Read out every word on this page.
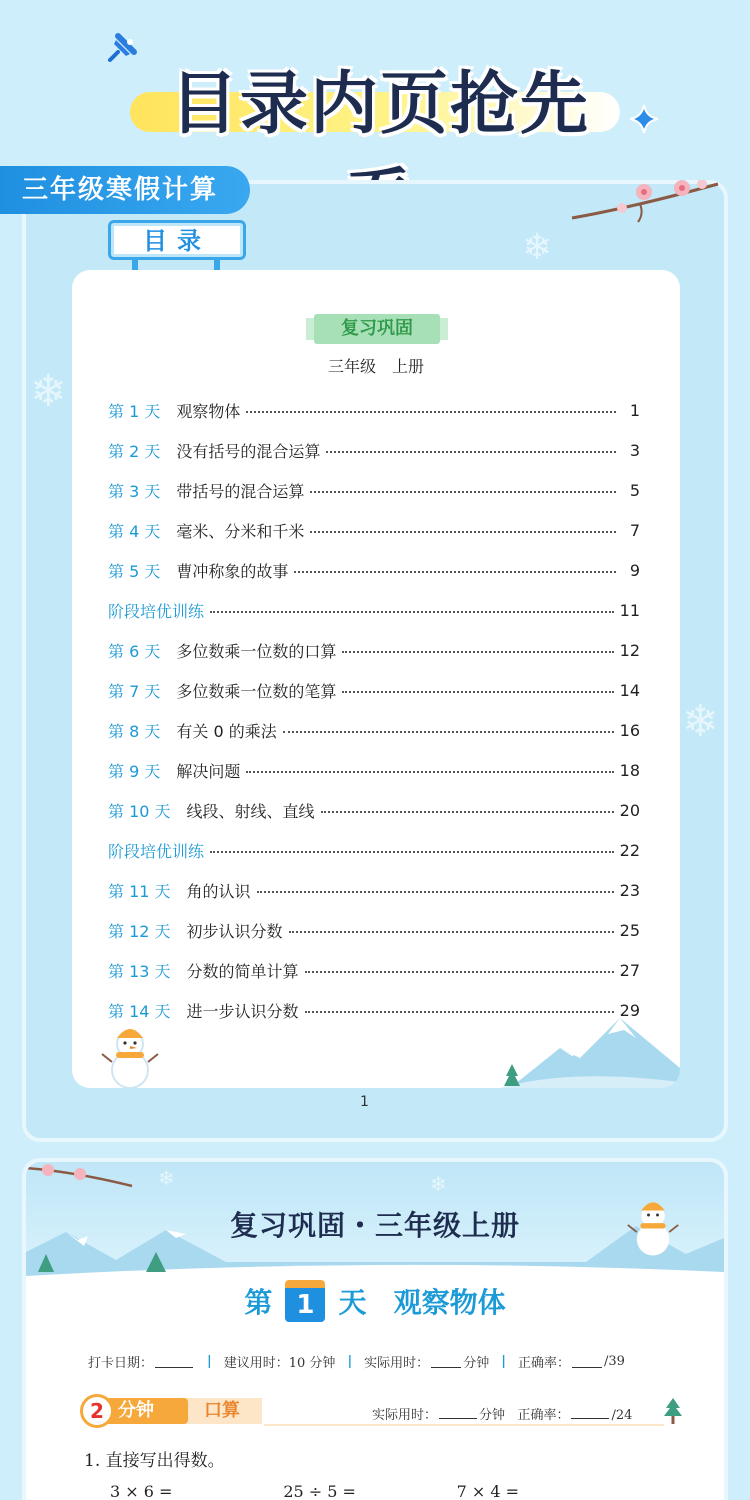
目录内页抢先
三年级寒假计算
❄
❄
❄
目录
复习巩固
三年级　上册
第 1 天 观察物体	1
第 2 天 没有括号的混合运算	3
第 3 天 带括号的混合运算	5
第 4 天 毫米、分米和千米	7
第 5 天 曹冲称象的故事	9
阶段培优训练	11
第 6 天 多位数乘一位数的口算	12
第 7 天 多位数乘一位数的笔算	14
第 8 天 有关 0 的乘法	16
第 9 天 解决问题	18
第 10 天 线段、射线、直线	20
阶段培优训练	22
第 11 天 角的认识	23
第 12 天 初步认识分数	25
第 13 天 分数的简单计算	27
第 14 天 进一步认识分数	29
1
❄	❄
复习巩固・三年级上册
第 1 天 观察物体
打卡日期：	| 建议用时：10 分钟 | 实际用时：	分钟 | 正确率：	/39
口算
分钟
2	实际用时：	分钟 正确率：	/24
1. 直接写出得数。
3 × 6 =	25 ÷ 5 =	7 × 4 =
